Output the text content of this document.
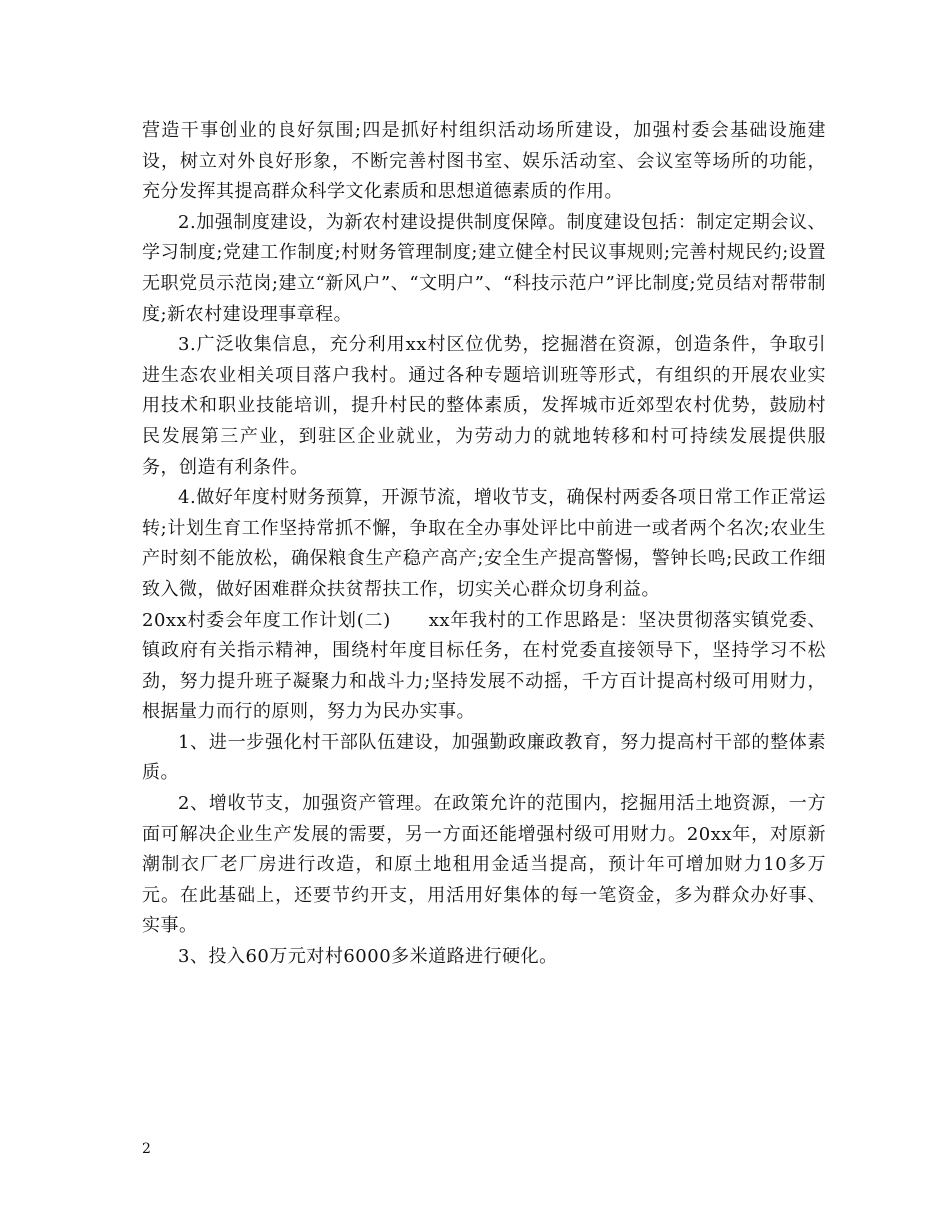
营造干事创业的良好氛围;四是抓好村组织活动场所建设，加强村委会基础设施建设，树立对外良好形象，不断完善村图书室、娱乐活动室、会议室等场所的功能，充分发挥其提高群众科学文化素质和思想道德素质的作用。

2.加强制度建设，为新农村建设提供制度保障。制度建设包括：制定定期会议、学习制度;党建工作制度;村财务管理制度;建立健全村民议事规则;完善村规民约;设置无职党员示范岗;建立“新风户”、“文明户”、“科技示范户”评比制度;党员结对帮带制度;新农村建设理事章程。

3.广泛收集信息，充分利用xx村区位优势，挖掘潜在资源，创造条件，争取引进生态农业相关项目落户我村。通过各种专题培训班等形式，有组织的开展农业实用技术和职业技能培训，提升村民的整体素质，发挥城市近郊型农村优势，鼓励村民发展第三产业，到驻区企业就业，为劳动力的就地转移和村可持续发展提供服务，创造有利条件。

4.做好年度村财务预算，开源节流，增收节支，确保村两委各项日常工作正常运转;计划生育工作坚持常抓不懈，争取在全办事处评比中前进一或者两个名次;农业生产时刻不能放松，确保粮食生产稳产高产;安全生产提高警惕，警钟长鸣;民政工作细致入微，做好困难群众扶贫帮扶工作，切实关心群众切身利益。

20xx村委会年度工作计划(二)　　xx年我村的工作思路是：坚决贯彻落实镇党委、镇政府有关指示精神，围绕村年度目标任务，在村党委直接领导下，坚持学习不松劲，努力提升班子凝聚力和战斗力;坚持发展不动摇，千方百计提高村级可用财力，根据量力而行的原则，努力为民办实事。

1、进一步强化村干部队伍建设，加强勤政廉政教育，努力提高村干部的整体素质。

2、增收节支，加强资产管理。在政策允许的范围内，挖掘用活土地资源，一方面可解决企业生产发展的需要，另一方面还能增强村级可用财力。20xx年，对原新潮制衣厂老厂房进行改造，和原土地租用金适当提高，预计年可增加财力10多万元。在此基础上，还要节约开支，用活用好集体的每一笔资金，多为群众办好事、实事。

3、投入60万元对村6000多米道路进行硬化。

2
